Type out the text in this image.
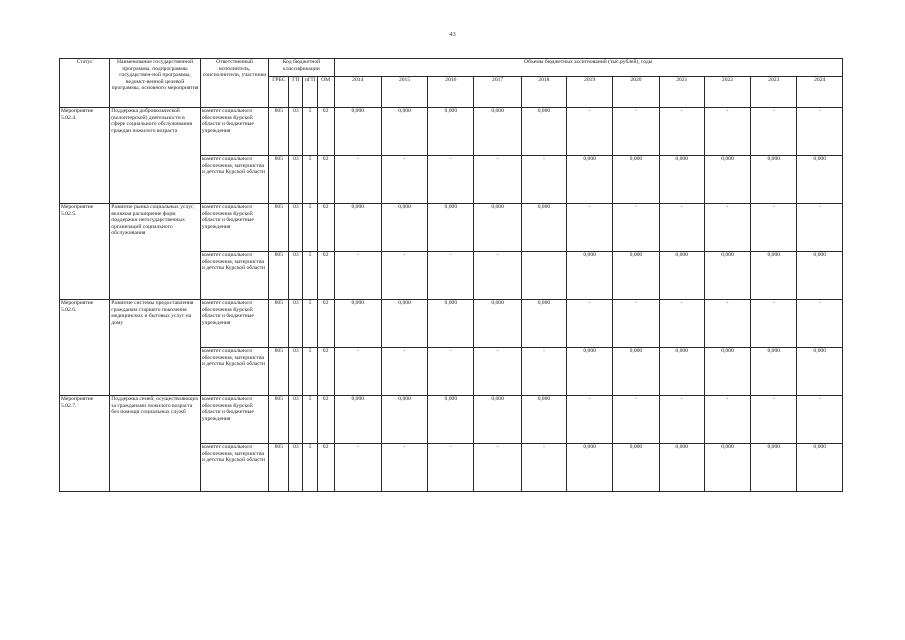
43
Статус	Наименование государственной программы, подпрограммы государствен-ной программы, ведомст-венной целевой программы, основного мероприятия	Ответственный исполнитель, соисполнители, участники	Код бюджетной классификации				Объемы бюджетных ассигнований (тыс.рублей), годы										
			ГРБС	ГП	пГП	ОМ	2014	2015	2016	2017	2018	2019	2020	2021	2022	2023	2024
Мероприятие 5.02.4.	Поддержка добровольческой (волонтерской) деятельности в сфере социального обслуживания граждан пожилого возраста	комитет социального обеспечения Курской области и бюджетные учреждения	805	03	5	02	0,000	0,000	0,000	0,000	0,000	-	-	-	-	-	-
		комитет социального обеспечения, материнства и детства Курской области	805	03	5	02	-	-	-	-	-	0,000	0,000	0,000	0,000	0,000	0,000
Мероприятие 5.02.5.	Развитие рынка социальных услуг, включая расширение форм поддержки негосударственных организаций социального обслуживания	комитет социального обеспечения Курской области и бюджетные учреждения	805	03	5	02	0,000	0,000	0,000	0,000	0,000	-	-	-	-	-	-
		комитет социального обеспечения, материнства и детства Курской области	805	03	5	02	-	-	-	-		0,000	0,000	0,000	0,000	0,000	0,000
Мероприятие 5.02.6.	Развитие системы предоставления гражданам старшего поколения медицинских и бытовых услуг на дому	комитет социального обеспечения Курской области и бюджетные учреждения	805	03	5	02	0,000	0,000	0,000	0,000	0,000	-	-	-	-	-	-
		комитет социального обеспечения, материнства и детства Курской области	805	03	5	02	-	-	-	-	-	0,000	0,000	0,000	0,000	0,000	0,000
Мероприятие 5.02.7.	Поддержка семей, осуществляющих за гражданами пожилого возраста без помощи социальных служб	комитет социального обеспечения Курской области и бюджетные учреждения	805	03	5	02	0,000	0,000	0,000	0,000	0,000	-	-	-	-	-	-
		комитет социального обеспечения, материнства и детства Курской области	805	03	5	02	-	-	-	-	-	0,000	0,000	0,000	0,000	0,000	0,000
